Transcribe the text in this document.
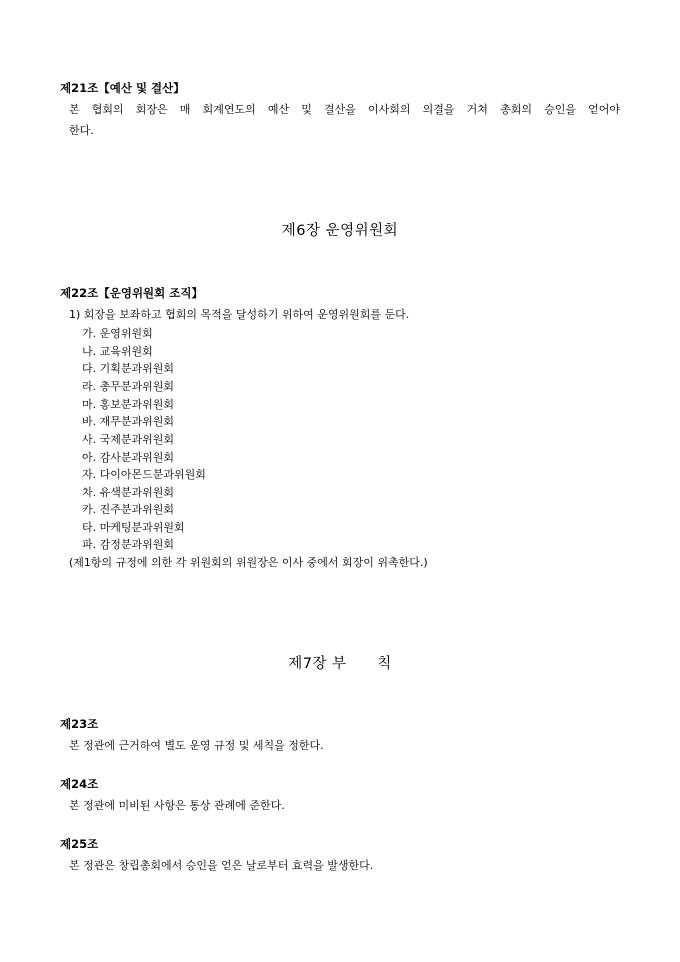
제21조【예산 및 결산】
본 협회의 회장은 매 회계연도의 예산 및 결산을 이사회의 의결을 거쳐 총회의 승인을 얻어야
한다.
제6장 운영위원회
제22조【운영위원회 조직】
1) 회장을 보좌하고 협회의 목적을 달성하기 위하여 운영위원회를 둔다.
가. 운영위원회
나. 교육위원회
다. 기획분과위원회
라. 총무분과위원회
마. 홍보분과위원회
바. 재무분과위원회
사. 국제분과위원회
아. 감사분과위원회
자. 다이아몬드분과위원회
차. 유색분과위원회
카. 진주분과위원회
타. 마케팅분과위원회
파. 감정분과위원회
(제1항의 규정에 의한 각 위원회의 위원장은 이사 중에서 회장이 위촉한다.)
제7장 부      칙
제23조
본 정관에 근거하여 별도 운영 규정 및 세칙을 정한다.
제24조
본 정관에 미비된 사항은 통상 관례에 준한다.
제25조
본 정관은 창립총회에서 승인을 얻은 날로부터 효력을 발생한다.
